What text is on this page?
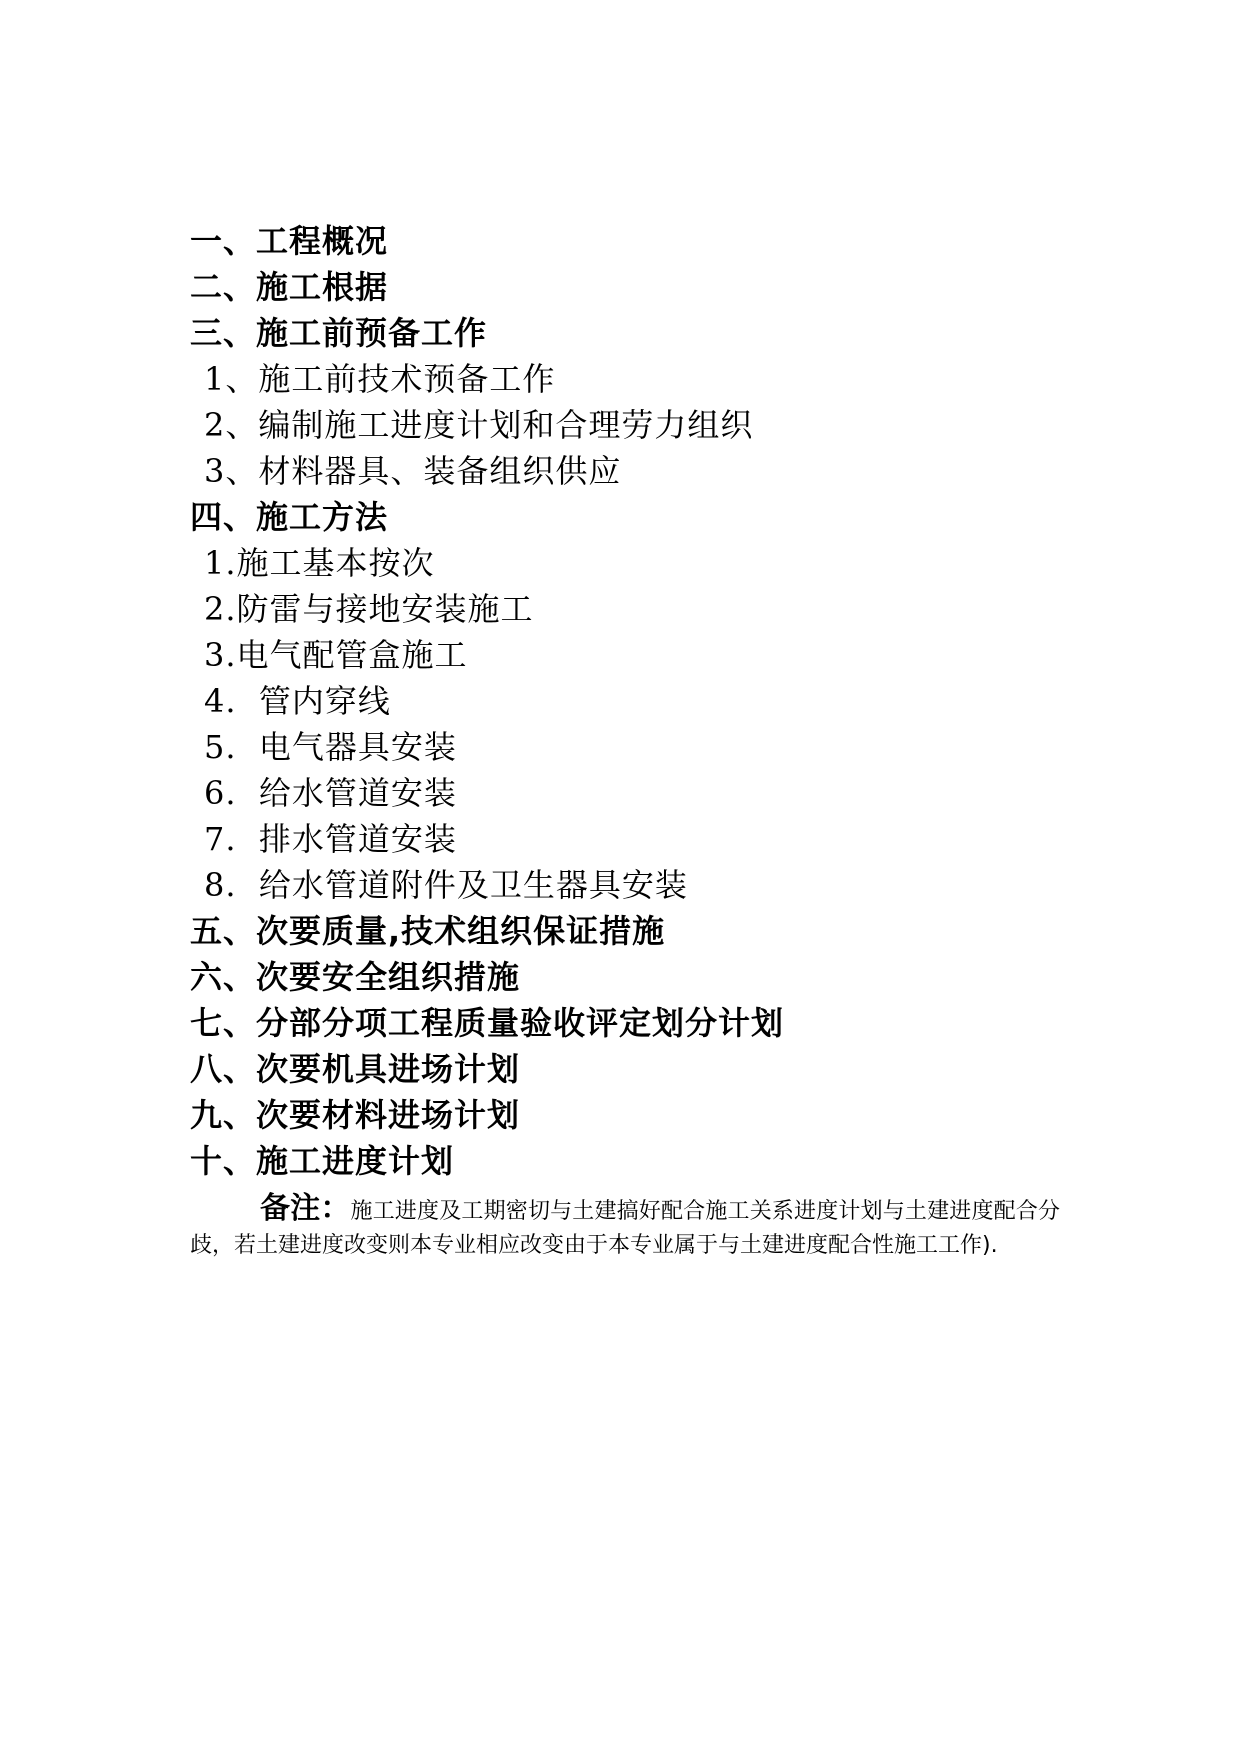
一、工程概况
二、施工根据
三、施工前预备工作
1、施工前技术预备工作
2、编制施工进度计划和合理劳力组织
3、材料器具、装备组织供应
四、施工方法
1.施工基本按次
2.防雷与接地安装施工
3.电气配管盒施工
4.  管内穿线
5.  电气器具安装
6.  给水管道安装
7.  排水管道安装
8.  给水管道附件及卫生器具安装
五、次要质量,技术组织保证措施
六、次要安全组织措施
七、分部分项工程质量验收评定划分计划
八、次要机具进场计划
九、次要材料进场计划
十、施工进度计划

备注：施工进度及工期密切与土建搞好配合施工关系进度计划与土建进度配合分歧，若土建进度改变则本专业相应改变由于本专业属于与土建进度配合性施工工作).
